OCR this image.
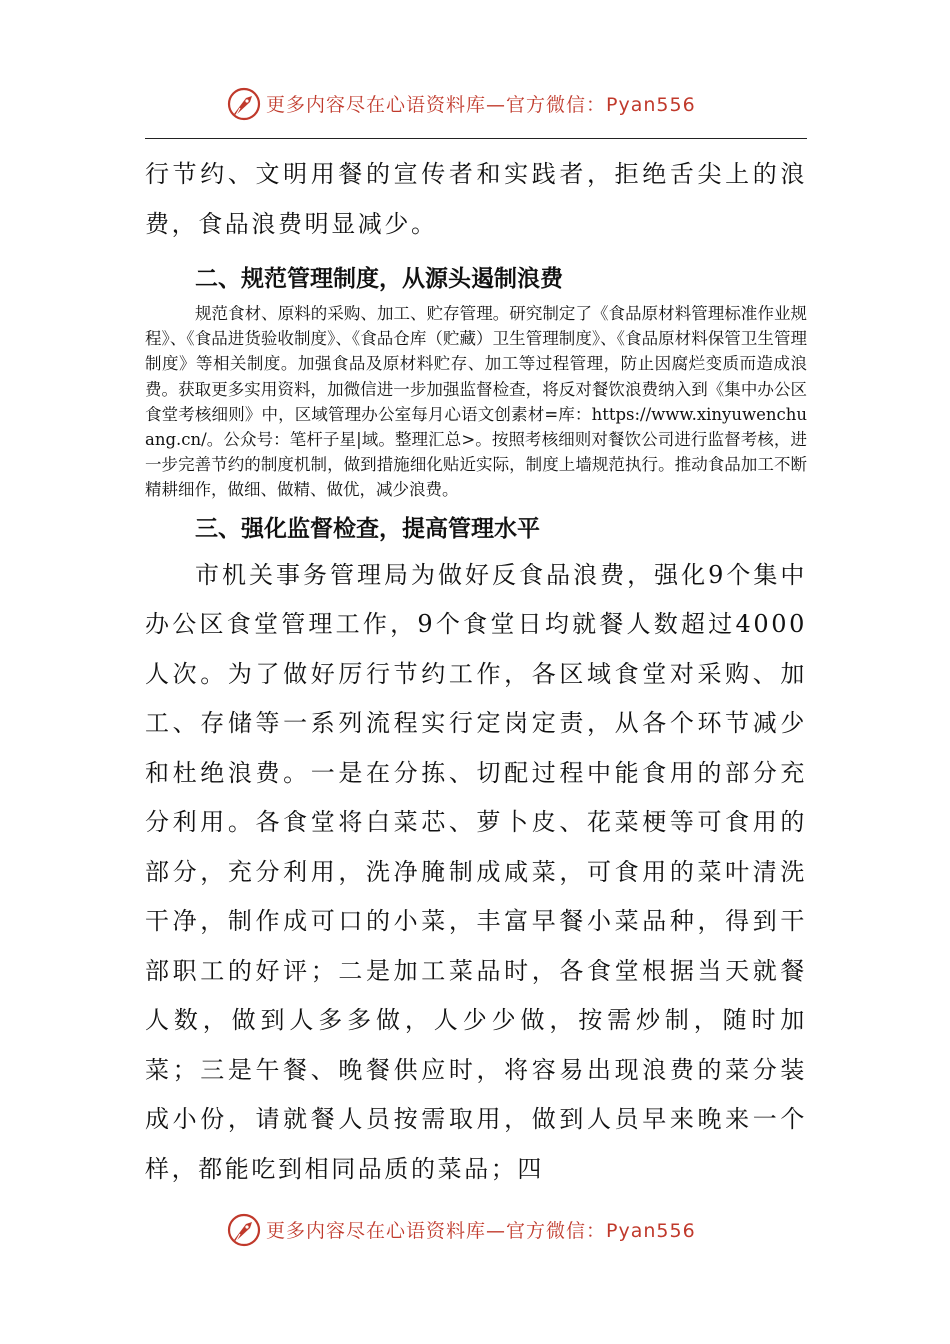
更多内容尽在心语资料库—官方微信：Pyan556

行节约、文明用餐的宣传者和实践者，拒绝舌尖上的浪费，食品浪费明显减少。

二、规范管理制度，从源头遏制浪费

规范食材、原料的采购、加工、贮存管理。研究制定了《食品原材料管理标准作业规程》、《食品进货验收制度》、《食品仓库（贮藏）卫生管理制度》、《食品原材料保管卫生管理制度》等相关制度。加强食品及原材料贮存、加工等过程管理，防止因腐烂变质而造成浪费。获取更多实用资料，加微信进一步加强监督检查，将反对餐饮浪费纳入到《集中办公区食堂考核细则》中，区域管理办公室每月心语文创素材=库：https://www.xinyuwenchuang.cn/。公众号：笔杆子星|域。整理汇总>。按照考核细则对餐饮公司进行监督考核，进一步完善节约的制度机制，做到措施细化贴近实际，制度上墙规范执行。推动食品加工不断精耕细作，做细、做精、做优，减少浪费。

三、强化监督检查，提高管理水平

市机关事务管理局为做好反食品浪费，强化9个集中办公区食堂管理工作，9个食堂日均就餐人数超过4000人次。为了做好厉行节约工作，各区域食堂对采购、加工、存储等一系列流程实行定岗定责，从各个环节减少和杜绝浪费。一是在分拣、切配过程中能食用的部分充分利用。各食堂将白菜芯、萝卜皮、花菜梗等可食用的部分，充分利用，洗净腌制成咸菜，可食用的菜叶清洗干净，制作成可口的小菜，丰富早餐小菜品种，得到干部职工的好评；二是加工菜品时，各食堂根据当天就餐人数，做到人多多做，人少少做，按需炒制，随时加菜；三是午餐、晚餐供应时，将容易出现浪费的菜分装成小份，请就餐人员按需取用，做到人员早来晚来一个样，都能吃到相同品质的菜品；四

更多内容尽在心语资料库—官方微信：Pyan556
